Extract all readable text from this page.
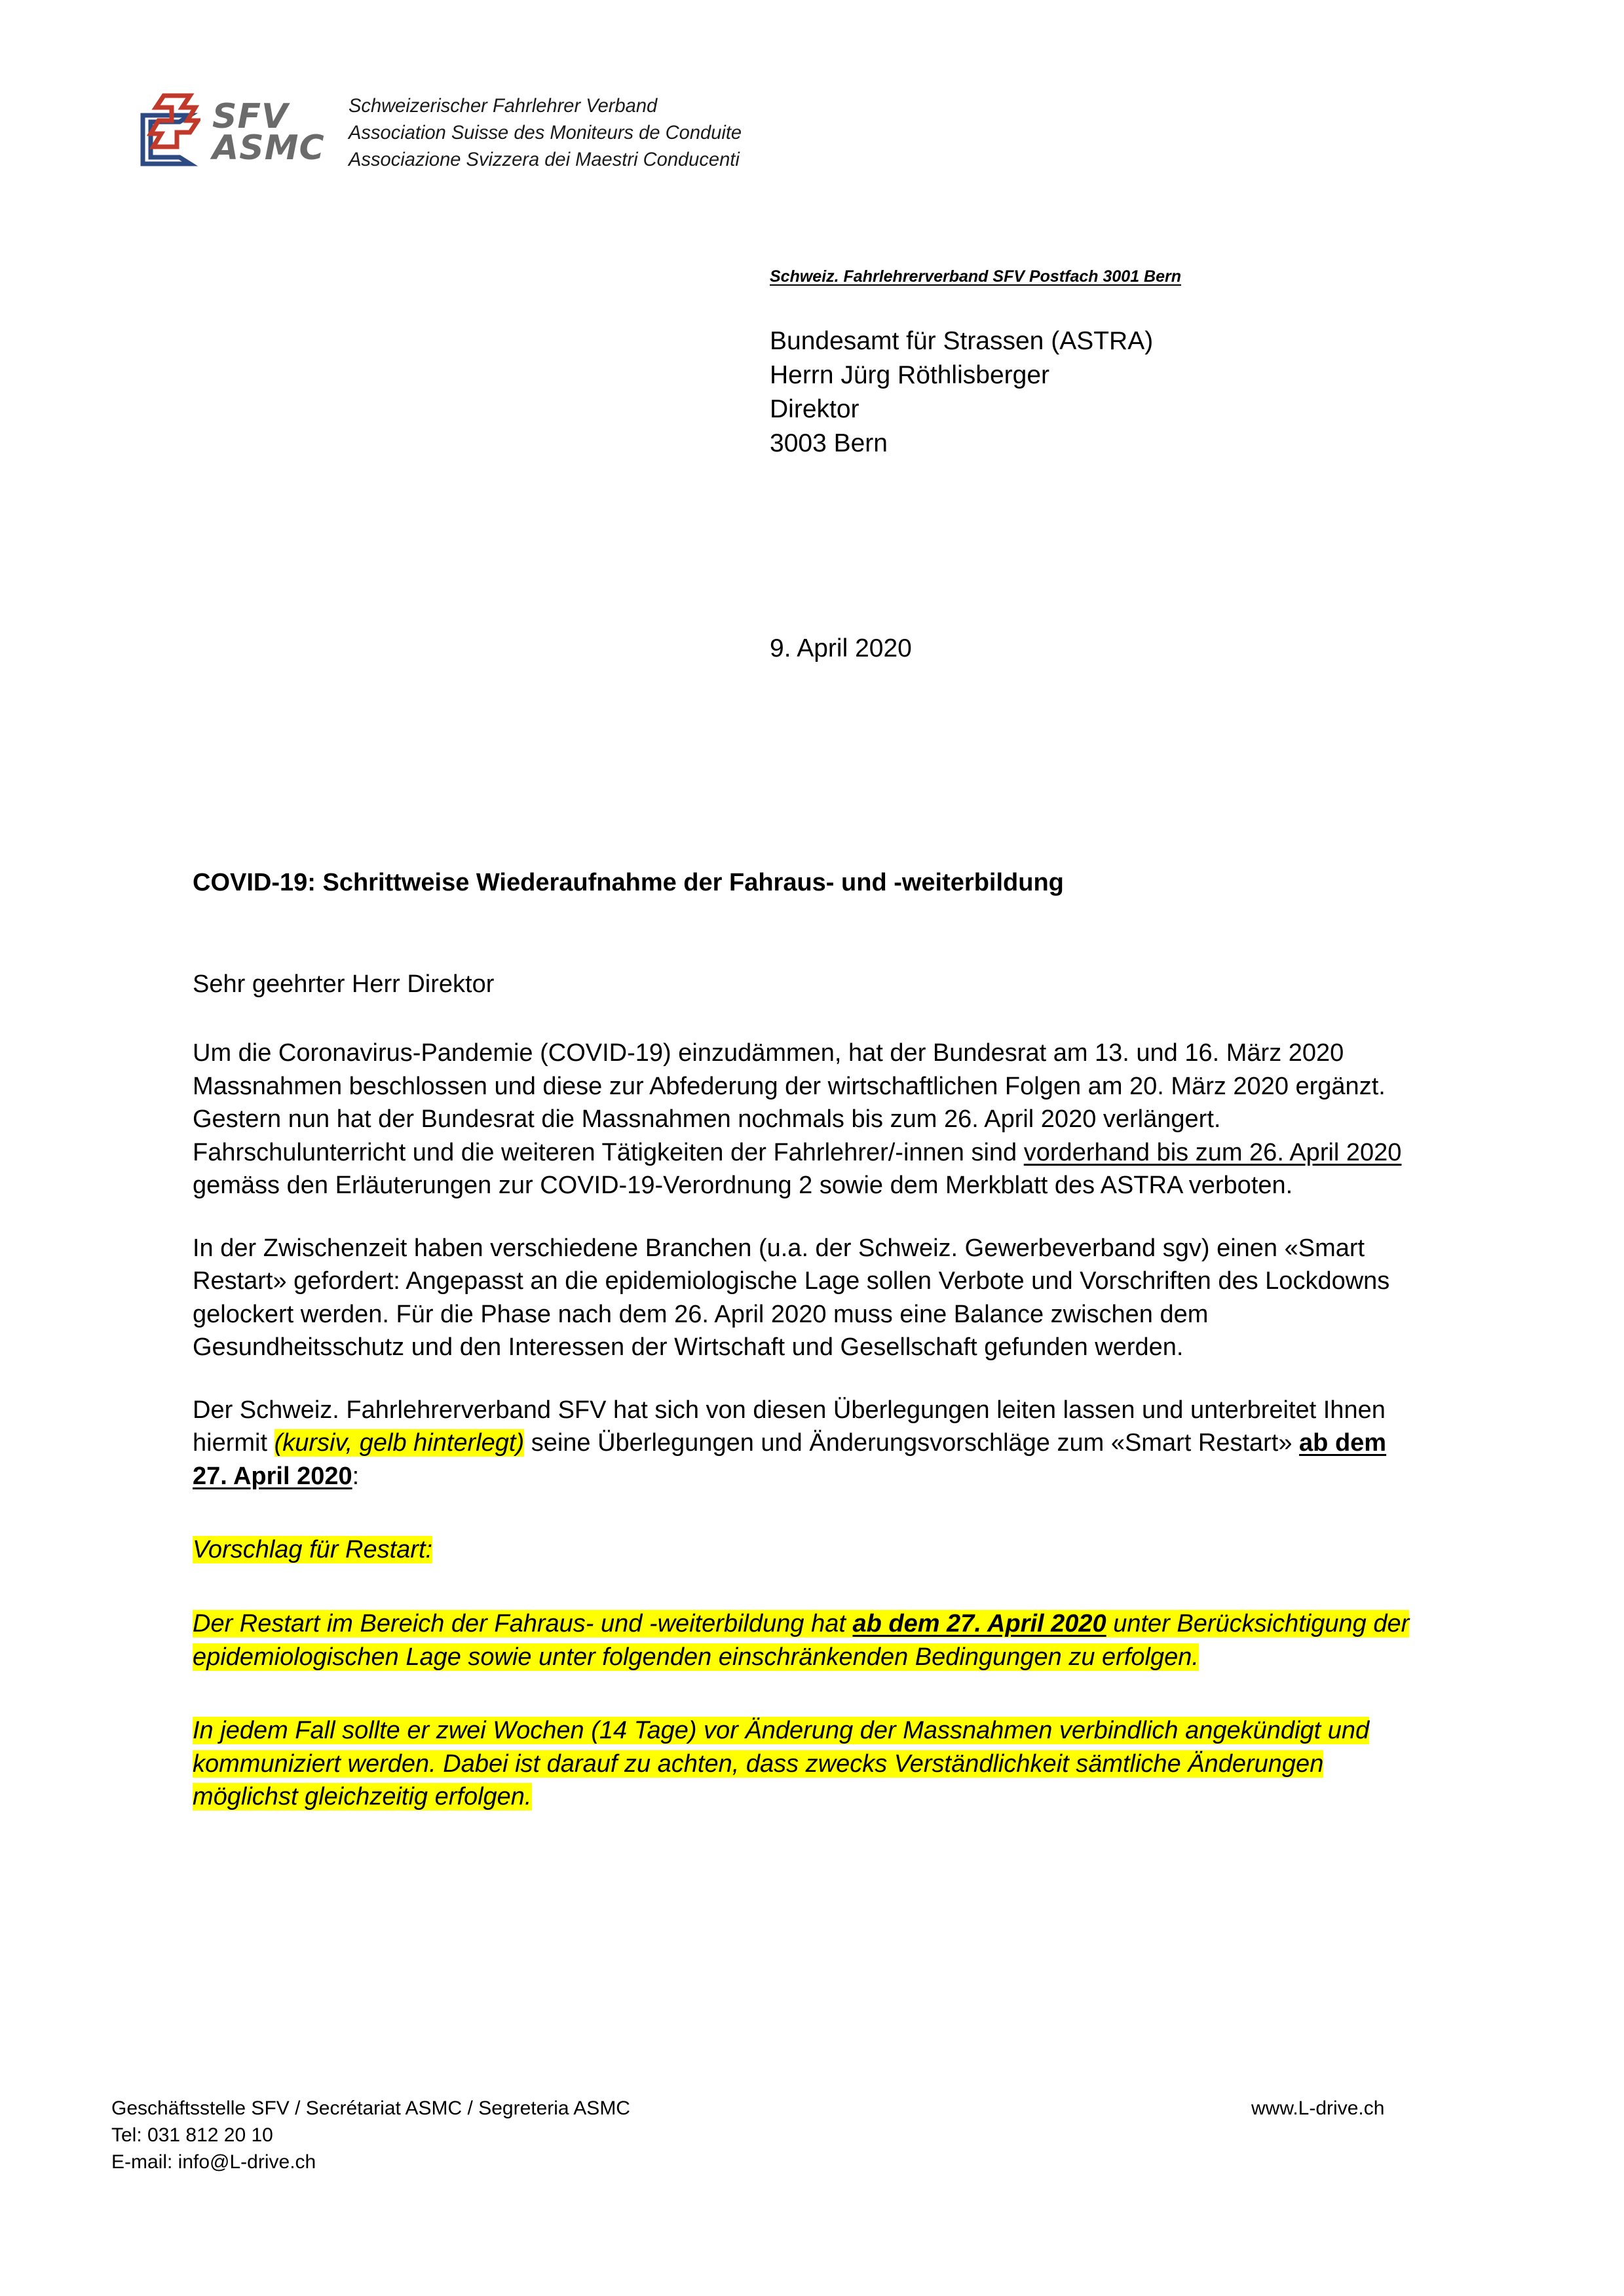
SFV
ASMC
Schweizerischer Fahrlehrer Verband
Association Suisse des Moniteurs de Conduite
Associazione Svizzera dei Maestri Conducenti
Schweiz. Fahrlehrerverband SFV Postfach 3001 Bern
Bundesamt für Strassen (ASTRA)
Herrn Jürg Röthlisberger
Direktor
3003 Bern
9. April 2020

COVID-19: Schrittweise Wiederaufnahme der Fahraus- und -weiterbildung

Sehr geehrter Herr Direktor

Um die Coronavirus-Pandemie (COVID-19) einzudämmen, hat der Bundesrat am 13. und 16. März 2020 Massnahmen beschlossen und diese zur Abfederung der wirtschaftlichen Folgen am 20. März 2020 ergänzt. Gestern nun hat der Bundesrat die Massnahmen nochmals bis zum 26. April 2020 verlängert. Fahrschulunterricht und die weiteren Tätigkeiten der Fahrlehrer/-innen sind vorderhand bis zum 26. April 2020 gemäss den Erläuterungen zur COVID-19-Verordnung 2 sowie dem Merkblatt des ASTRA verboten.

In der Zwischenzeit haben verschiedene Branchen (u.a. der Schweiz. Gewerbeverband sgv) einen «Smart Restart» gefordert: Angepasst an die epidemiologische Lage sollen Verbote und Vorschriften des Lockdowns gelockert werden. Für die Phase nach dem 26. April 2020 muss eine Balance zwischen dem Gesundheitsschutz und den Interessen der Wirtschaft und Gesellschaft gefunden werden.

Der Schweiz. Fahrlehrerverband SFV hat sich von diesen Überlegungen leiten lassen und unterbreitet Ihnen hiermit (kursiv, gelb hinterlegt) seine Überlegungen und Änderungsvorschläge zum «Smart Restart» ab dem 27. April 2020:

Vorschlag für Restart:

Der Restart im Bereich der Fahraus- und -weiterbildung hat ab dem 27. April 2020 unter Berücksichtigung der epidemiologischen Lage sowie unter folgenden einschränkenden Bedingungen zu erfolgen.

In jedem Fall sollte er zwei Wochen (14 Tage) vor Änderung der Massnahmen verbindlich angekündigt und kommuniziert werden. Dabei ist darauf zu achten, dass zwecks Verständlichkeit sämtliche Änderungen möglichst gleichzeitig erfolgen.

Geschäftsstelle SFV / Secrétariat ASMC / Segreteria ASMC	www.L-drive.ch
Tel: 031 812 20 10
E-mail: info@L-drive.ch
